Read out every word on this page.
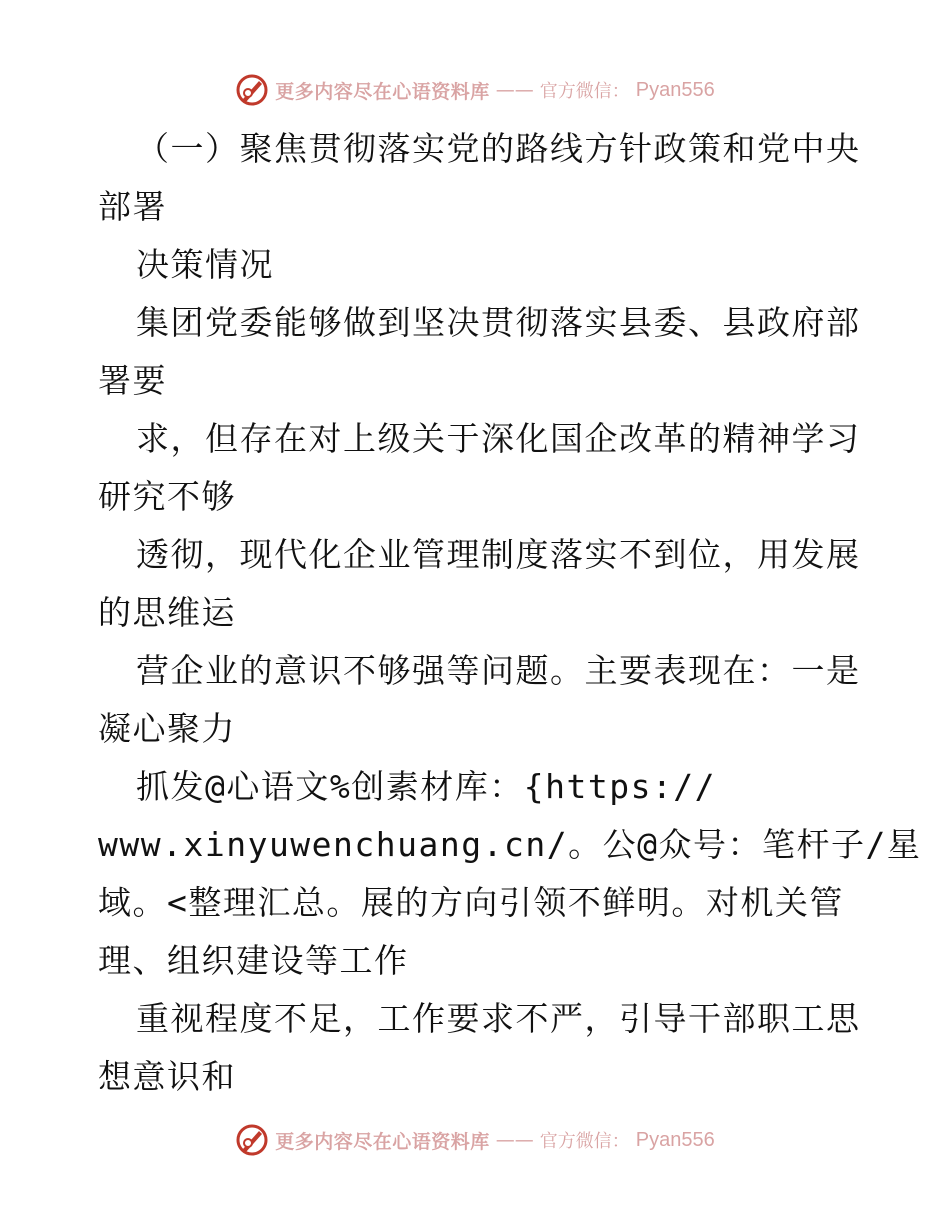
更多内容尽在心语资料库 —— 官方微信： Pyan556
（一）聚焦贯彻落实党的路线方针政策和党中央
部署
决策情况
集团党委能够做到坚决贯彻落实县委、县政府部
署要
求，但存在对上级关于深化国企改革的精神学习
研究不够
透彻，现代化企业管理制度落实不到位，用发展
的思维运
营企业的意识不够强等问题。主要表现在：一是
凝心聚力
抓发@心语文%创素材库：{https://
www.xinyuwenchuang.cn/。公@众号：笔杆子/星
域。<整理汇总。展的方向引领不鲜明。对机关管
理、组织建设等工作
重视程度不足，工作要求不严，引导干部职工思
想意识和
更多内容尽在心语资料库 —— 官方微信： Pyan556
